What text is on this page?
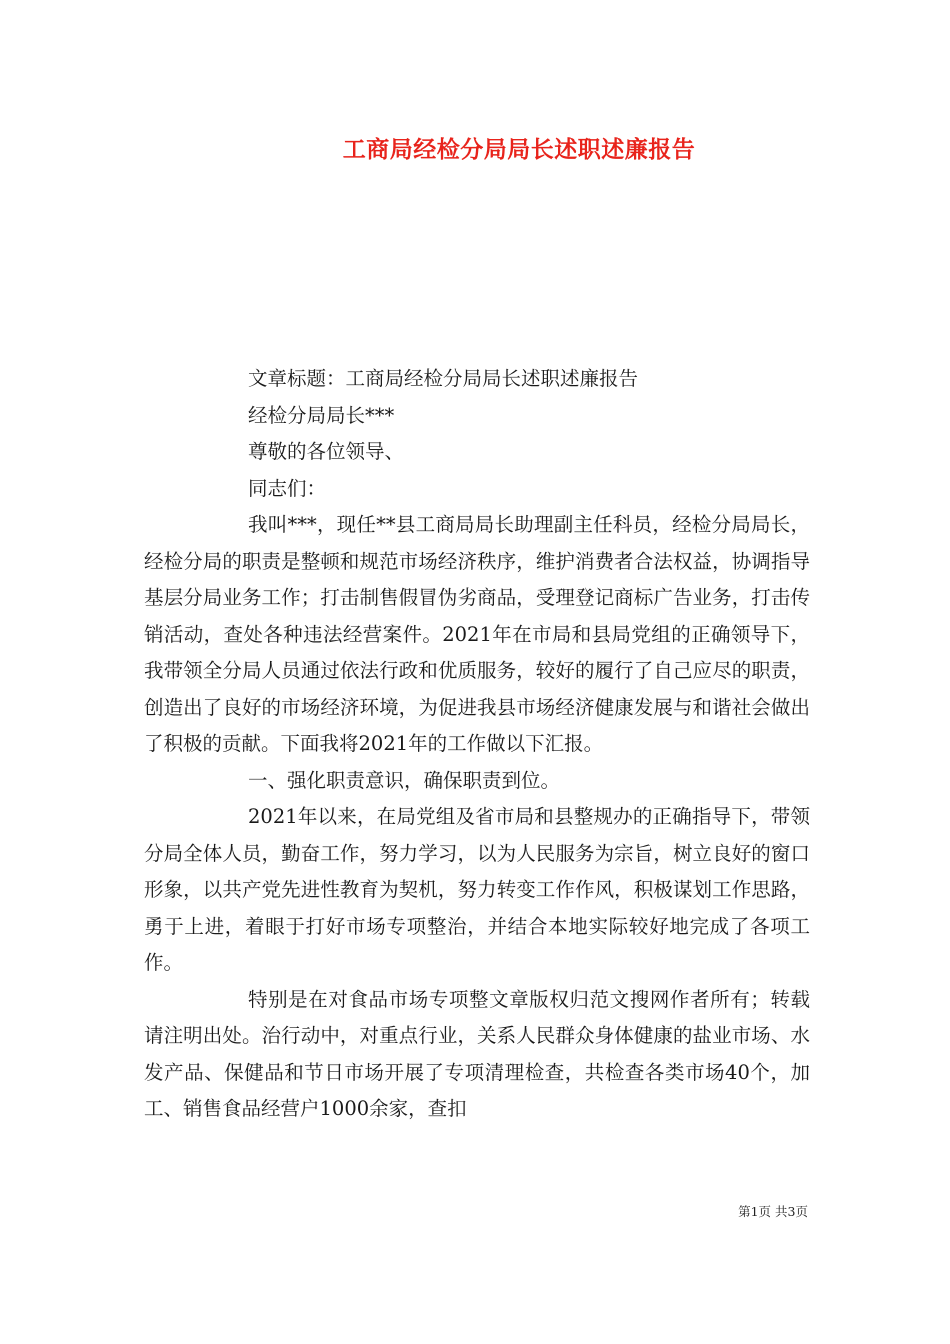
工商局经检分局局长述职述廉报告

文章标题：工商局经检分局局长述职述廉报告

经检分局局长***

尊敬的各位领导、

同志们：

我叫***，现任**县工商局局长助理副主任科员，经检分局局长，经检分局的职责是整顿和规范市场经济秩序，维护消费者合法权益，协调指导基层分局业务工作；打击制售假冒伪劣商品，受理登记商标广告业务，打击传销活动，查处各种违法经营案件。2021年在市局和县局党组的正确领导下，我带领全分局人员通过依法行政和优质服务，较好的履行了自己应尽的职责，创造出了良好的市场经济环境，为促进我县市场经济健康发展与和谐社会做出了积极的贡献。下面我将2021年的工作做以下汇报。

一、强化职责意识，确保职责到位。

2021年以来，在局党组及省市局和县整规办的正确指导下，带领分局全体人员，勤奋工作，努力学习，以为人民服务为宗旨，树立良好的窗口形象，以共产党先进性教育为契机，努力转变工作作风，积极谋划工作思路，勇于上进，着眼于打好市场专项整治，并结合本地实际较好地完成了各项工作。

特别是在对食品市场专项整文章版权归范文搜网作者所有；转载请注明出处。治行动中，对重点行业，关系人民群众身体健康的盐业市场、水发产品、保健品和节日市场开展了专项清理检查，共检查各类市场40个，加工、销售食品经营户1000余家，查扣

第1页 共3页
